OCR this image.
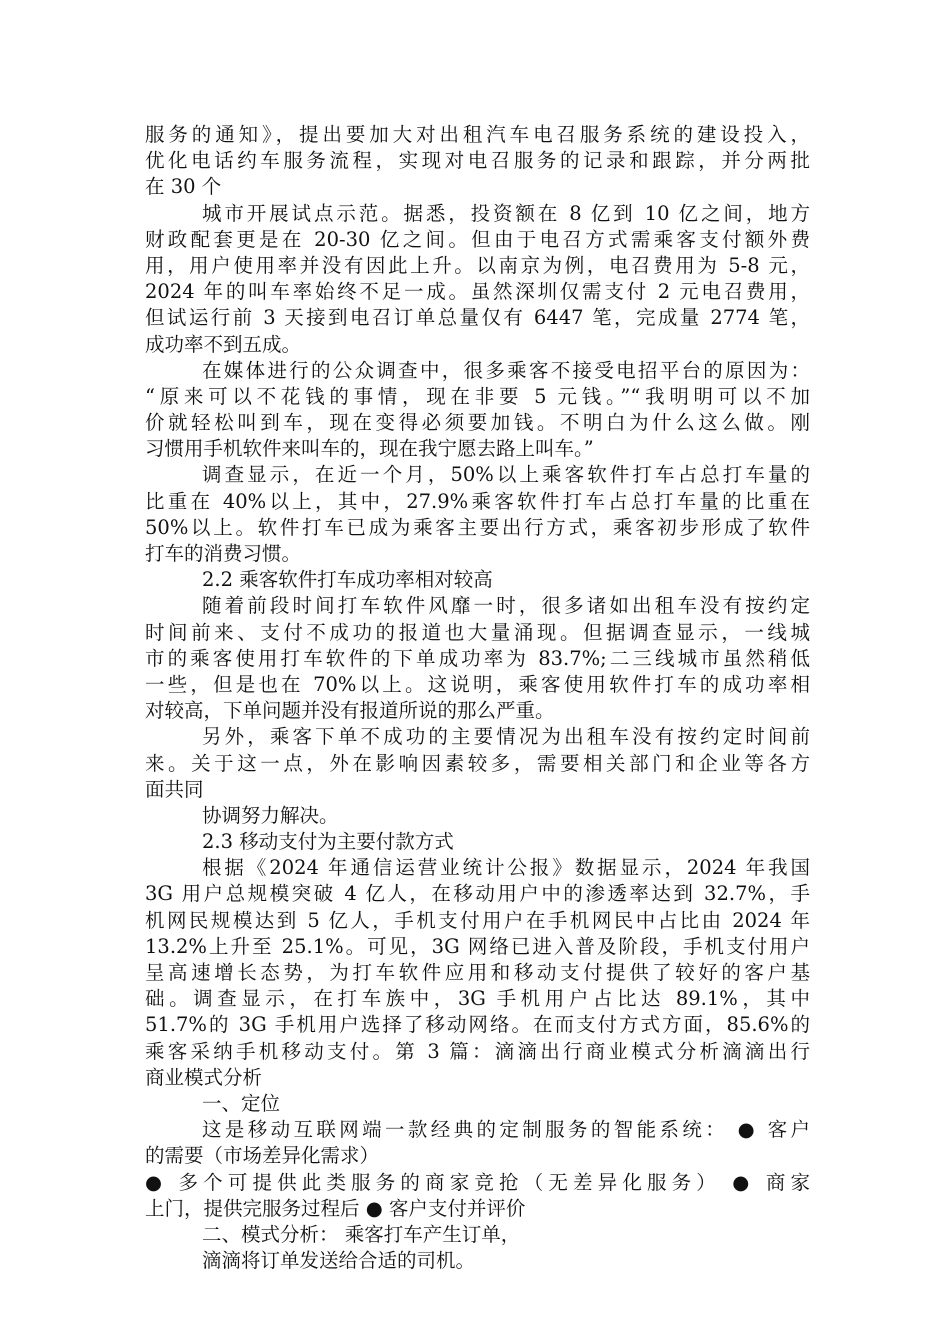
服务的通知》，提出要加大对出租汽车电召服务系统的建设投入，
优化电话约车服务流程，实现对电召服务的记录和跟踪，并分两批
在 30 个
城市开展试点示范。据悉，投资额在 8 亿到 10 亿之间，地方
财政配套更是在 20-30 亿之间。但由于电召方式需乘客支付额外费
用，用户使用率并没有因此上升。以南京为例，电召费用为 5-8 元，
2024 年的叫车率始终不足一成。虽然深圳仅需支付 2 元电召费用，
但试运行前 3 天接到电召订单总量仅有 6447 笔，完成量 2774 笔，
成功率不到五成。
在媒体进行的公众调查中，很多乘客不接受电招平台的原因为：
“原来可以不花钱的事情，现在非要 5 元钱。”“我明明可以不加
价就轻松叫到车，现在变得必须要加钱。不明白为什么这么做。刚
习惯用手机软件来叫车的，现在我宁愿去路上叫车。”
调查显示，在近一个月，50%以上乘客软件打车占总打车量的
比重在 40%以上，其中，27.9%乘客软件打车占总打车量的比重在
50%以上。软件打车已成为乘客主要出行方式，乘客初步形成了软件
打车的消费习惯。
2.2 乘客软件打车成功率相对较高
随着前段时间打车软件风靡一时，很多诸如出租车没有按约定
时间前来、支付不成功的报道也大量涌现。但据调查显示，一线城
市的乘客使用打车软件的下单成功率为 83.7%;二三线城市虽然稍低
一些，但是也在 70%以上。这说明，乘客使用软件打车的成功率相
对较高，下单问题并没有报道所说的那么严重。
另外，乘客下单不成功的主要情况为出租车没有按约定时间前
来。关于这一点，外在影响因素较多，需要相关部门和企业等各方
面共同
协调努力解决。
2.3 移动支付为主要付款方式
根据《2024 年通信运营业统计公报》数据显示，2024 年我国
3G 用户总规模突破 4 亿人，在移动用户中的渗透率达到 32.7%，手
机网民规模达到 5 亿人，手机支付用户在手机网民中占比由 2024 年
13.2%上升至 25.1%。可见，3G 网络已进入普及阶段，手机支付用户
呈高速增长态势，为打车软件应用和移动支付提供了较好的客户基
础。调查显示，在打车族中，3G 手机用户占比达 89.1%，其中
51.7%的 3G 手机用户选择了移动网络。在而支付方式方面，85.6%的
乘客采纳手机移动支付。第 3 篇：滴滴出行商业模式分析滴滴出行
商业模式分析
一、定位
这是移动互联网端一款经典的定制服务的智能系统： ● 客户
的需要（市场差异化需求）
● 多个可提供此类服务的商家竞抢（无差异化服务） ● 商家
上门，提供完服务过程后 ● 客户支付并评价
二、模式分析： 乘客打车产生订单，
滴滴将订单发送给合适的司机。
